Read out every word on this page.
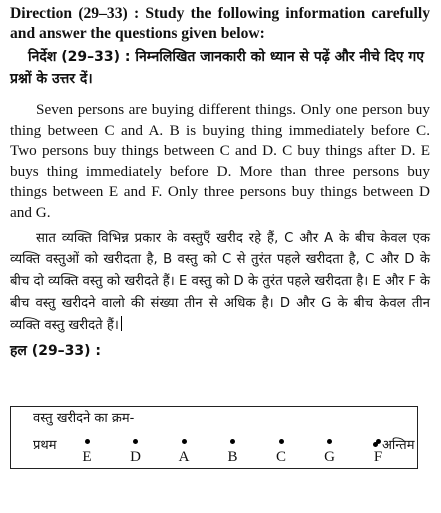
Direction (29–33) : Study the following information carefully and answer the questions given below:

निर्देश (29–33) : निम्नलिखित जानकारी को ध्यान से पढ़ें और नीचे दिए गए प्रश्नों के उत्तर दें।

Seven persons are buying different things. Only one person buy thing between C and A. B is buying thing immediately before C. Two persons buy things between C and D. C buy things after D. E buys thing immediately before D. More than three persons buy things between E and F. Only three persons buy things between D and G.

सात व्यक्ति विभिन्न प्रकार के वस्तुएँ खरीद रहे हैं, C और A के बीच केवल एक व्यक्ति वस्तुओं को खरीदता है, B वस्तु को C से तुरंत पहले खरीदता है, C और D के बीच दो व्यक्ति वस्तु को खरीदते हैं। E वस्तु को D के तुरंत पहले खरीदता है। E और F के बीच वस्तु खरीदने वालो की संख्या तीन से अधिक है। D और G के बीच केवल तीन व्यक्ति वस्तु खरीदते हैं।

हल (29–33) :

वस्तु खरीदने का क्रम-

प्रथम
E	D	A	B	C	G	F
अन्तिम
